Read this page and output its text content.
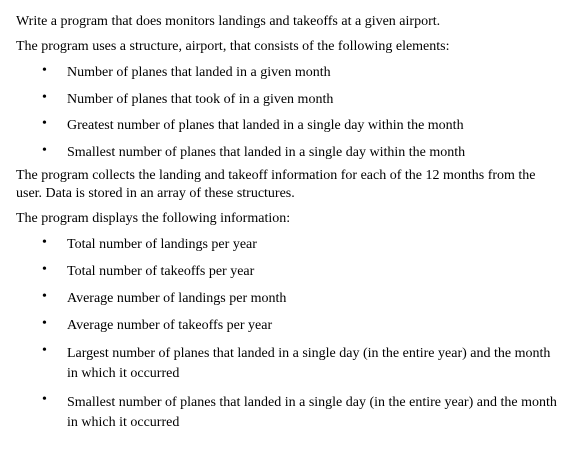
Write a program that does monitors landings and takeoffs at a given airport.

The program uses a structure, airport, that consists of the following elements:

• Number of planes that landed in a given month
• Number of planes that took of in a given month
• Greatest number of planes that landed in a single day within the month
• Smallest number of planes that landed in a single day within the month

The program collects the landing and takeoff information for each of the 12 months from the user. Data is stored in an array of these structures.

The program displays the following information:

• Total number of landings per year
• Total number of takeoffs per year
• Average number of landings per month
• Average number of takeoffs per year
• Largest number of planes that landed in a single day (in the entire year) and the month in which it occurred
• Smallest number of planes that landed in a single day (in the entire year) and the month in which it occurred
